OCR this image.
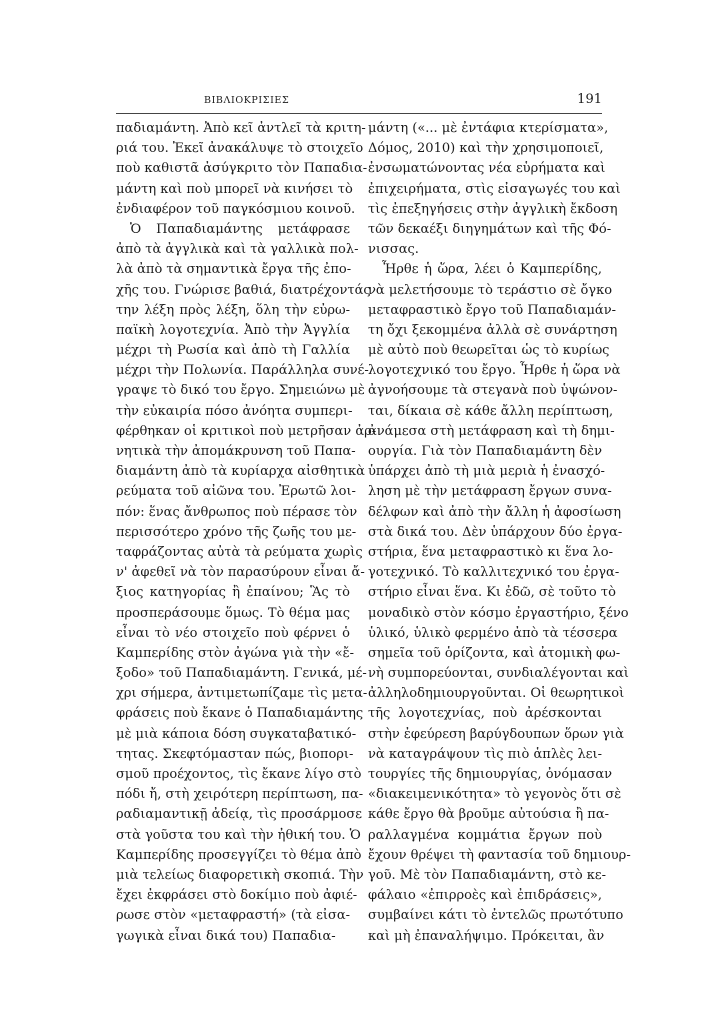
ΒΙΒΛΙΟΚΡΙΣΙΕΣ	191
παδιαμάντη. Ἀπὸ κεῖ ἀντλεῖ τὰ κριτη-
ριά του. Ἐκεῖ ἀνακάλυψε τὸ στοιχεῖο
ποὺ καθιστᾶ ἀσύγκριτο τὸν Παπαδια-
μάντη καὶ ποὺ μπορεῖ νὰ κινήσει τὸ
ἐνδιαφέρον τοῦ παγκόσμιου κοινοῦ.
Ὁ Παπαδιαμάντης μετάφρασε
ἀπὸ τὰ ἀγγλικὰ καὶ τὰ γαλλικὰ πολ-
λὰ ἀπὸ τὰ σημαντικὰ ἔργα τῆς ἐπο-
χῆς του. Γνώρισε βαθιά, διατρέχοντάς
την λέξη πρὸς λέξη, ὅλη τὴν εὐρω-
παϊκὴ λογοτεχνία. Ἀπὸ τὴν Ἀγγλία
μέχρι τὴ Ρωσία καὶ ἀπὸ τὴ Γαλλία
μέχρι τὴν Πολωνία. Παράλληλα συνέ-
γραψε τὸ δικό του ἔργο. Σημειώνω μὲ
τὴν εὐκαιρία πόσο ἀνόητα συμπερι-
φέρθηκαν οἱ κριτικοὶ ποὺ μετρῆσαν ἀρ-
νητικὰ τὴν ἀπομάκρυνση τοῦ Παπα-
διαμάντη ἀπὸ τὰ κυρίαρχα αἰσθητικὰ
ρεύματα τοῦ αἰῶνα του. Ἐρωτῶ λοι-
πόν: ἕνας ἄνθρωπος ποὺ πέρασε τὸν
περισσότερο χρόνο τῆς ζωῆς του με-
ταφράζοντας αὐτὰ τὰ ρεύματα χωρὶς
ν' ἀφεθεῖ νὰ τὸν παρασύρουν εἶναι ἄ-
ξιος κατηγορίας ἢ ἐπαίνου; Ἃς τὸ
προσπεράσουμε ὅμως. Τὸ θέμα μας
εἶναι τὸ νέο στοιχεῖο ποὺ φέρνει ὁ
Καμπερίδης στὸν ἀγώνα γιὰ τὴν «ἔ-
ξοδο» τοῦ Παπαδιαμάντη. Γενικά, μέ-
χρι σήμερα, ἀντιμετωπίζαμε τὶς μετα-
φράσεις ποὺ ἔκανε ὁ Παπαδιαμάντης
μὲ μιὰ κάποια δόση συγκαταβατικό-
τητας. Σκεφτόμασταν πώς, βιοπορι-
σμοῦ προέχοντος, τὶς ἔκανε λίγο στὸ
πόδι ἤ, στὴ χειρότερη περίπτωση, πα-
ραδιαμαντικῇ ἀδείᾳ, τὶς προσάρμοσε
στὰ γοῦστα του καὶ τὴν ἠθική του. Ὁ
Καμπερίδης προσεγγίζει τὸ θέμα ἀπὸ
μιὰ τελείως διαφορετικὴ σκοπιά. Τὴν
ἔχει ἐκφράσει στὸ δοκίμιο ποὺ ἀφιέ-
ρωσε στὸν «μεταφραστή» (τὰ εἰσα-
γωγικὰ εἶναι δικά του) Παπαδια-
μάντη («... μὲ ἐντάφια κτερίσματα»,
Δόμος, 2010) καὶ τὴν χρησιμοποιεῖ,
ἐνσωματώνοντας νέα εὑρήματα καὶ
ἐπιχειρήματα, στὶς εἰσαγωγές του καὶ
τὶς ἐπεξηγήσεις στὴν ἀγγλικὴ ἔκδοση
τῶν δεκαέξι διηγημάτων καὶ τῆς Φό-
νισσας.
Ἦρθε ἡ ὥρα, λέει ὁ Καμπερίδης,
νὰ μελετήσουμε τὸ τεράστιο σὲ ὄγκο
μεταφραστικὸ ἔργο τοῦ Παπαδιαμάν-
τη ὄχι ξεκομμένα ἀλλὰ σὲ συνάρτηση
μὲ αὐτὸ ποὺ θεωρεῖται ὡς τὸ κυρίως
λογοτεχνικό του ἔργο. Ἦρθε ἡ ὥρα νὰ
ἀγνοήσουμε τὰ στεγανὰ ποὺ ὑψώνον-
ται, δίκαια σὲ κάθε ἄλλη περίπτωση,
ἀνάμεσα στὴ μετάφραση καὶ τὴ δημι-
ουργία. Γιὰ τὸν Παπαδιαμάντη δὲν
ὑπάρχει ἀπὸ τὴ μιὰ μεριὰ ἡ ἐνασχό-
ληση μὲ τὴν μετάφραση ἔργων συνα-
δέλφων καὶ ἀπὸ τὴν ἄλλη ἡ ἀφοσίωση
στὰ δικά του. Δὲν ὑπάρχουν δύο ἐργα-
στήρια, ἕνα μεταφραστικὸ κι ἕνα λο-
γοτεχνικό. Τὸ καλλιτεχνικό του ἐργα-
στήριο εἶναι ἕνα. Κι ἐδῶ, σὲ τοῦτο τὸ
μοναδικὸ στὸν κόσμο ἐργαστήριο, ξένο
ὑλικό, ὑλικὸ φερμένο ἀπὸ τὰ τέσσερα
σημεῖα τοῦ ὁρίζοντα, καὶ ἀτομικὴ φω-
νὴ συμπορεύονται, συνδιαλέγονται καὶ
ἀλληλοδημιουργοῦνται. Οἱ θεωρητικοὶ
τῆς λογοτεχνίας, ποὺ ἀρέσκονται
στὴν ἐφεύρεση βαρύγδουπων ὅρων γιὰ
νὰ καταγράψουν τὶς πιὸ ἁπλὲς λει-
τουργίες τῆς δημιουργίας, ὀνόμασαν
«διακειμενικότητα» τὸ γεγονὸς ὅτι σὲ
κάθε ἔργο θὰ βροῦμε αὐτούσια ἢ πα-
ραλλαγμένα κομμάτια ἔργων ποὺ
ἔχουν θρέψει τὴ φαντασία τοῦ δημιουρ-
γοῦ. Μὲ τὸν Παπαδιαμάντη, στὸ κε-
φάλαιο «ἐπιρροὲς καὶ ἐπιδράσεις»,
συμβαίνει κάτι τὸ ἐντελῶς πρωτότυπο
καὶ μὴ ἐπαναλήψιμο. Πρόκειται, ἂν
